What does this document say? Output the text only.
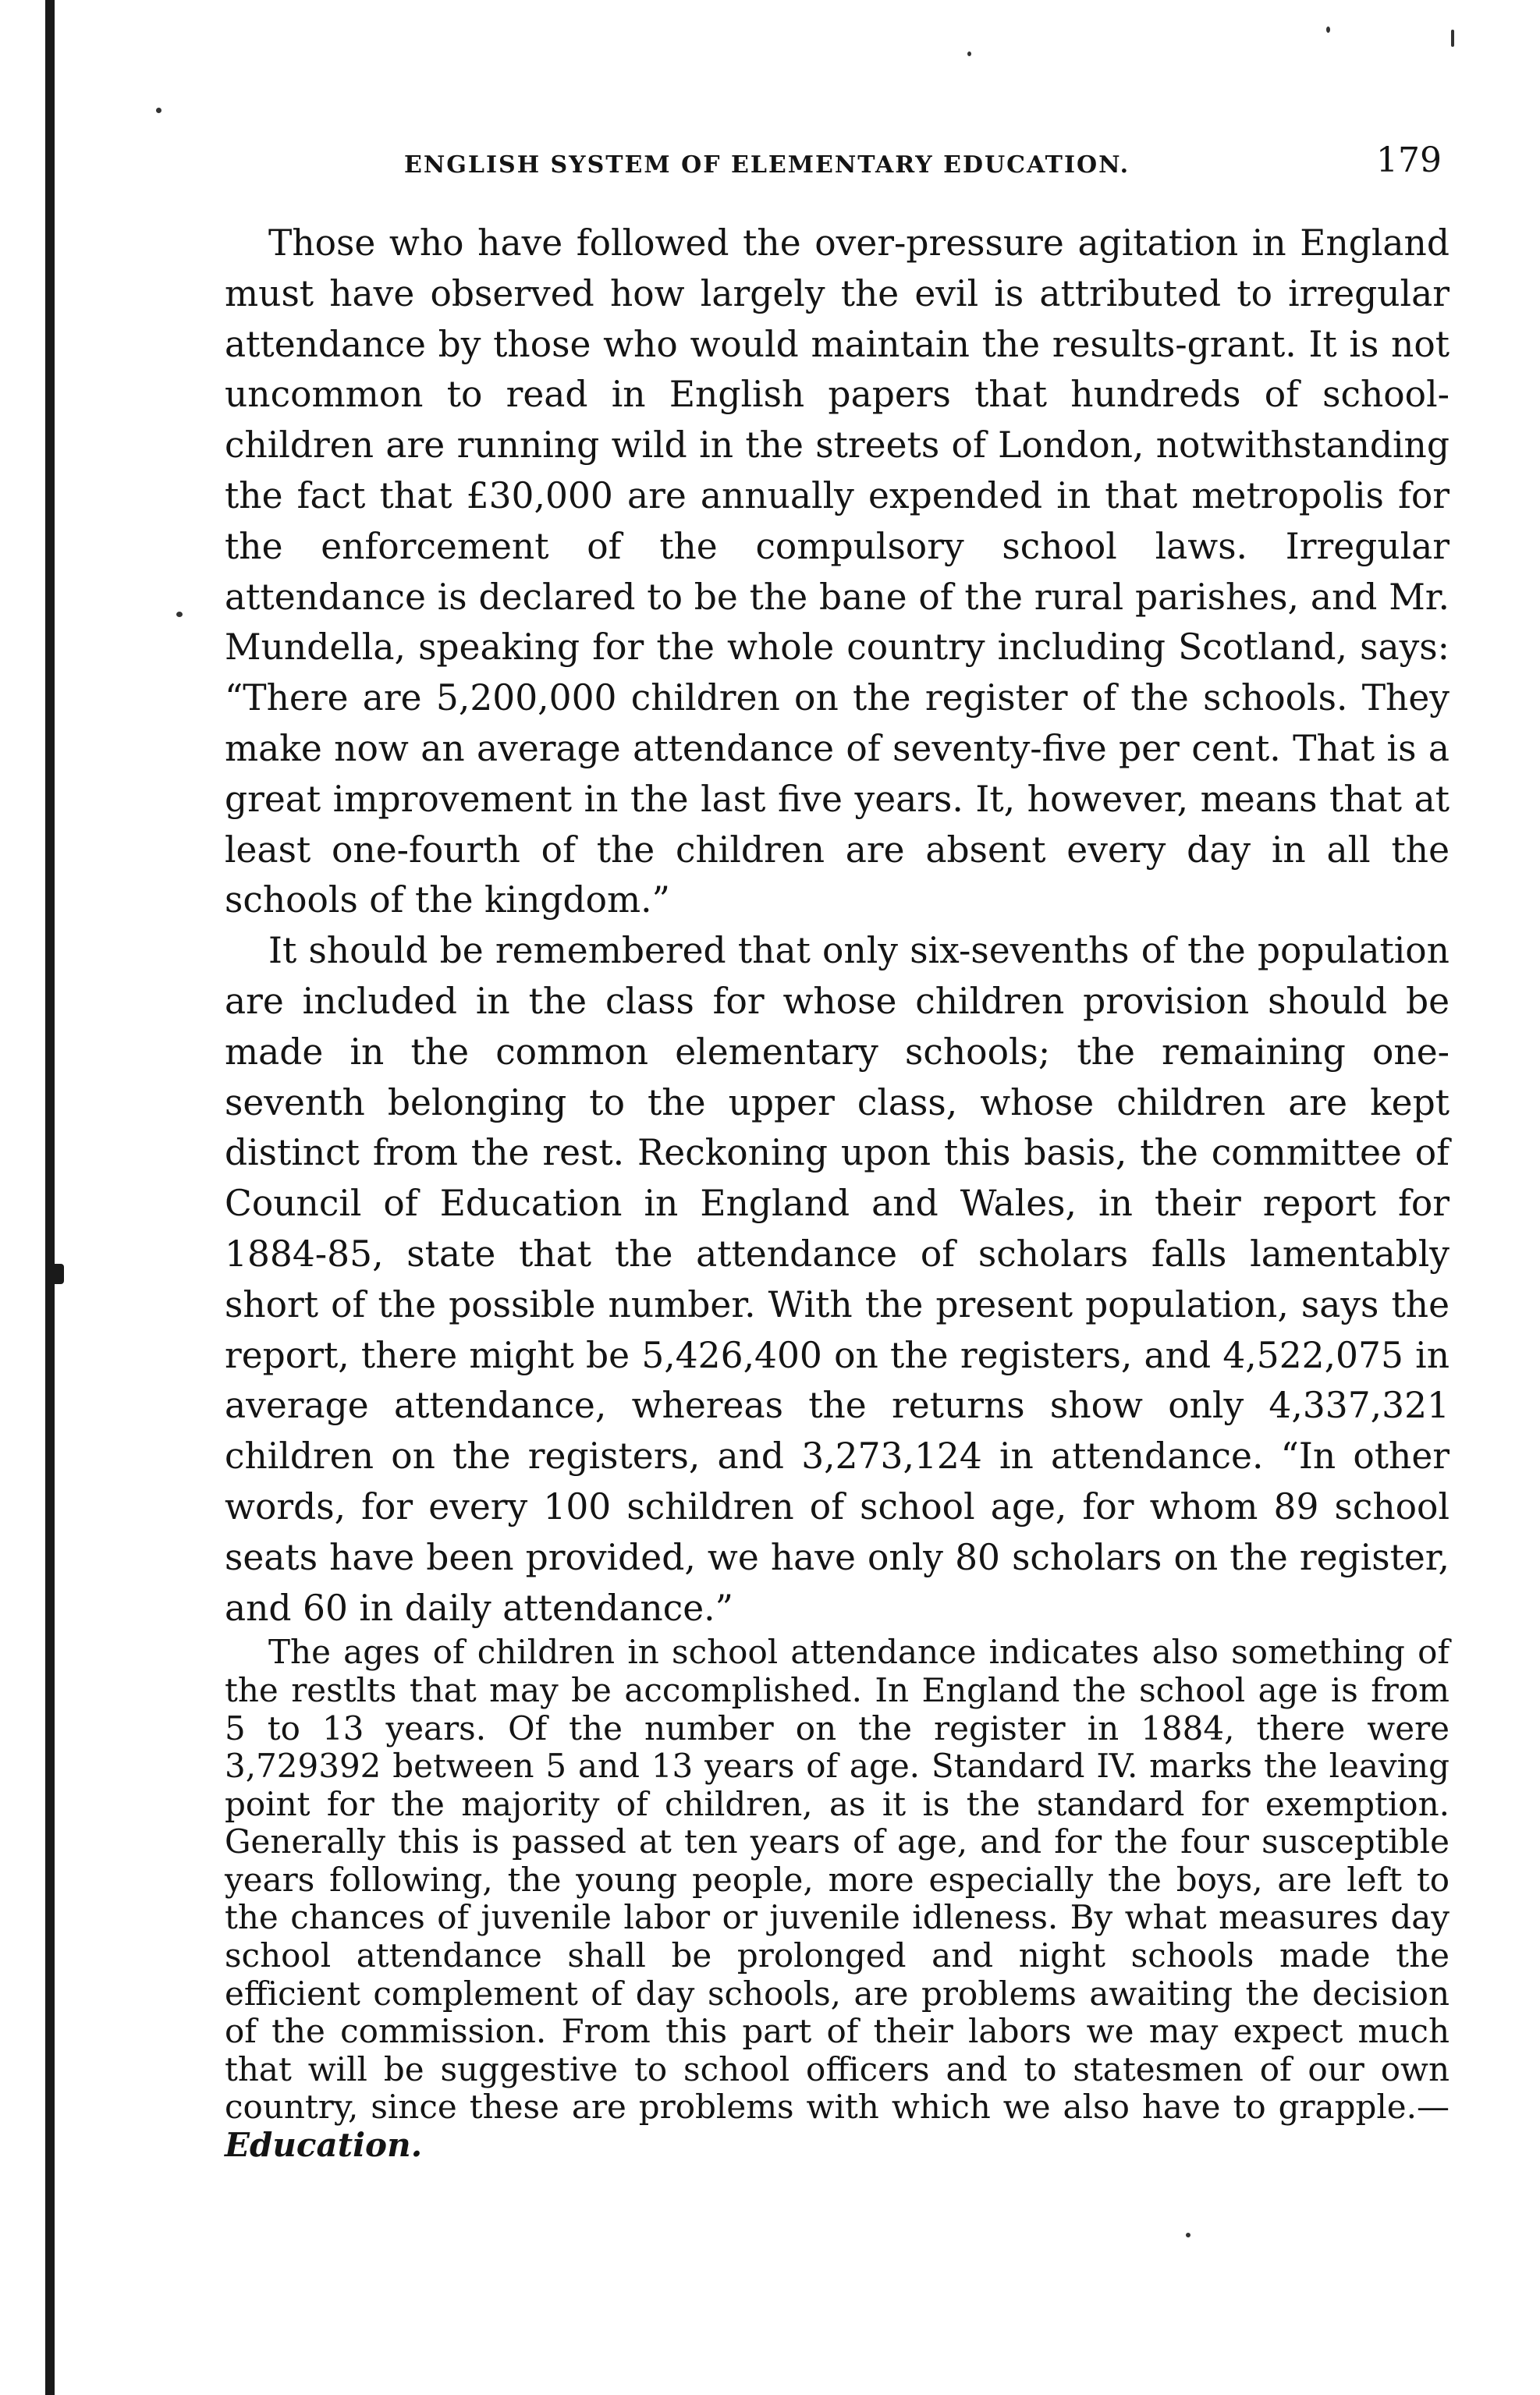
ENGLISH SYSTEM OF ELEMENTARY EDUCATION.	179

Those who have followed the over-pressure agitation in England must have observed how largely the evil is attributed to irregular attendance by those who would maintain the results-grant. It is not uncommon to read in English papers that hundreds of school-children are running wild in the streets of London, notwithstanding the fact that £30,000 are annually expended in that metropolis for the enforcement of the compulsory school laws. Irregular attendance is declared to be the bane of the rural parishes, and Mr. Mundella, speaking for the whole country including Scotland, says: “There are 5,200,000 children on the register of the schools. They make now an average attendance of seventy-five per cent. That is a great improvement in the last five years. It, however, means that at least one-fourth of the children are absent every day in all the schools of the kingdom.”

It should be remembered that only six-sevenths of the population are included in the class for whose children provision should be made in the common elementary schools; the remaining one-seventh belonging to the upper class, whose children are kept distinct from the rest. Reckoning upon this basis, the committee of Council of Education in England and Wales, in their report for 1884-85, state that the attendance of scholars falls lamentably short of the possible number. With the present population, says the report, there might be 5,426,400 on the registers, and 4,522,075 in average attendance, whereas the returns show only 4,337,321 children on the registers, and 3,273,124 in attendance. “In other words, for every 100 schildren of school age, for whom 89 school seats have been provided, we have only 80 scholars on the register, and 60 in daily attendance.”

The ages of children in school attendance indicates also something of the restlts that may be accomplished. In England the school age is from 5 to 13 years. Of the number on the register in 1884, there were 3,729392 between 5 and 13 years of age. Standard IV. marks the leaving point for the majority of children, as it is the standard for exemption. Generally this is passed at ten years of age, and for the four susceptible years following, the young people, more especially the boys, are left to the chances of juvenile labor or juvenile idleness. By what measures day school attendance shall be prolonged and night schools made the efficient complement of day schools, are problems awaiting the decision of the commission. From this part of their labors we may expect much that will be suggestive to school officers and to statesmen of our own country, since these are problems with which we also have to grapple.—Education.
